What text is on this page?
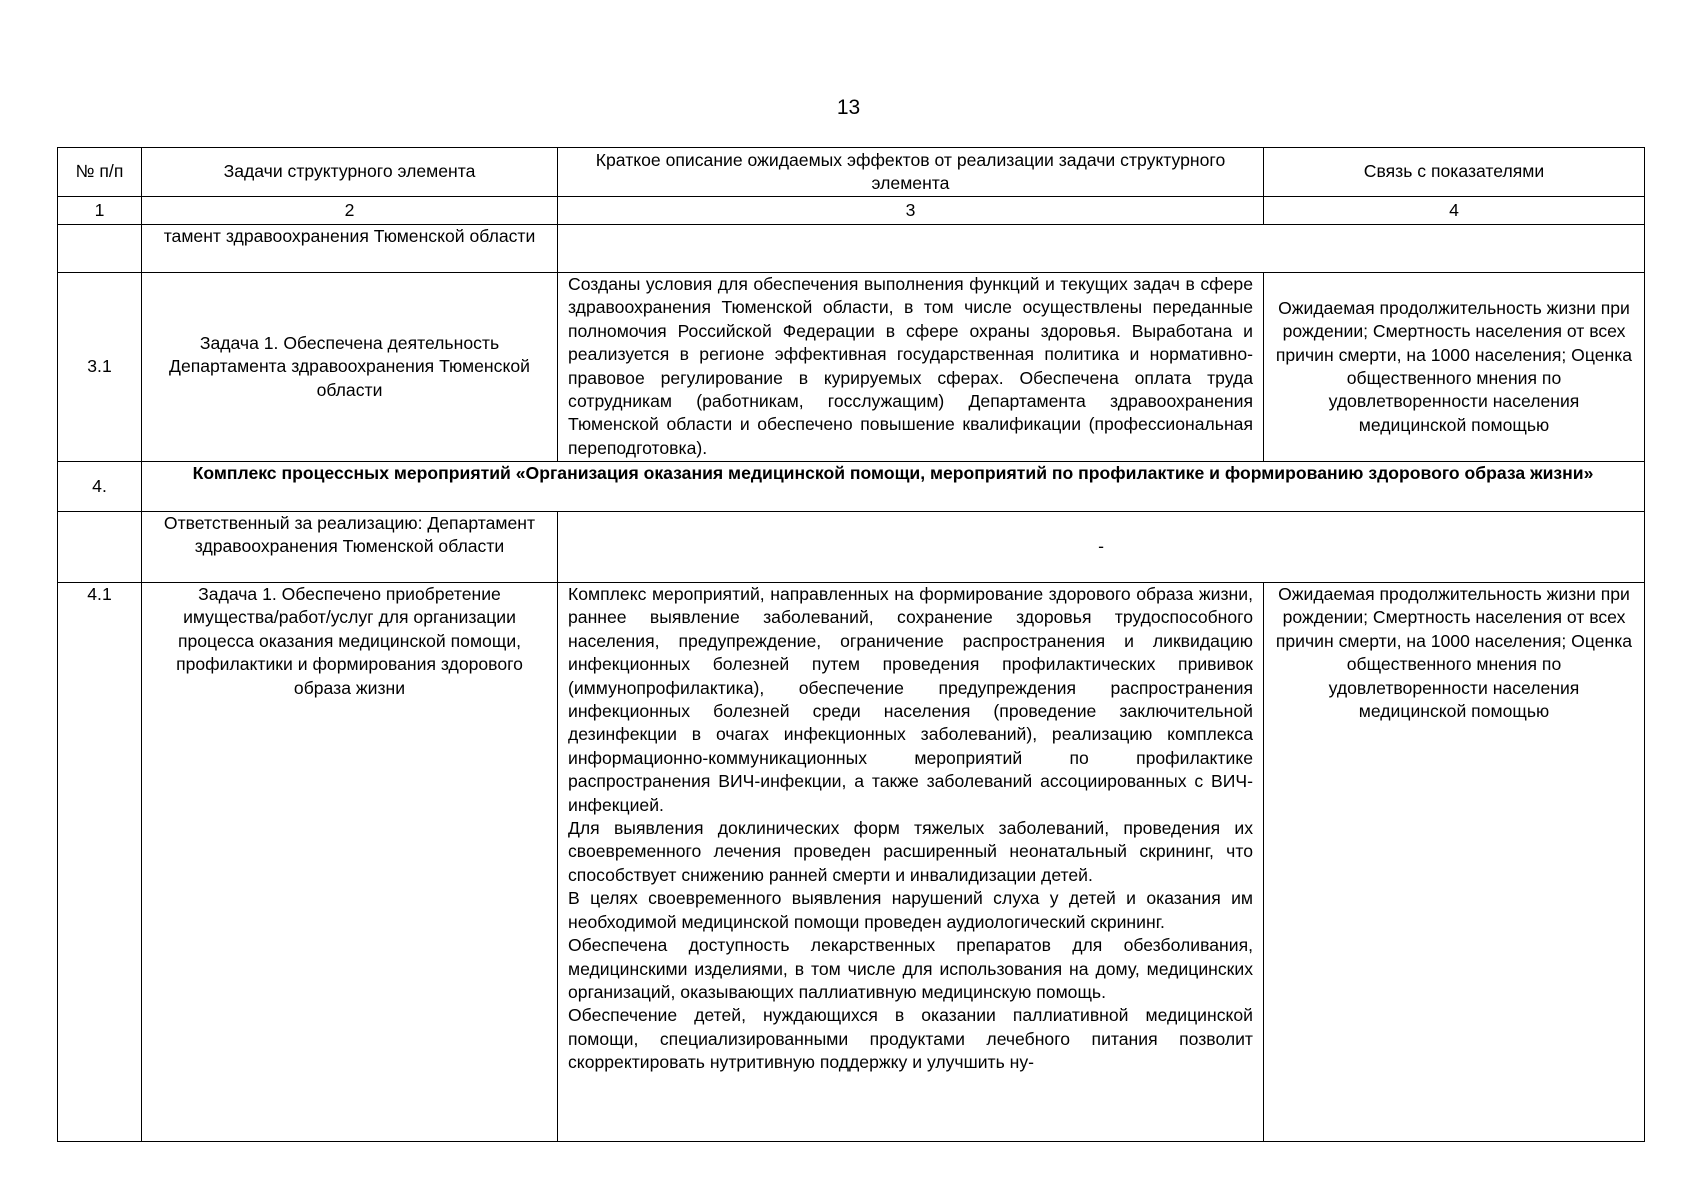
13
№ п/п	Задачи структурного элемента	Краткое описание ожидаемых эффектов от реализации задачи структурного элемента	Связь с показателями
1	2	3	4
	тамент здравоохранения Тюменской области		
3.1	Задача 1. Обеспечена деятельность Департамента здравоохранения Тюменской области	Созданы условия для обеспечения выполнения функций и текущих задач в сфере здравоохранения Тюменской области, в том числе осуществлены переданные полномочия Российской Федерации в сфере охраны здоровья. Выработана и реализуется в регионе эффективная государственная политика и нормативно-правовое регулирование в курируемых сферах. Обеспечена оплата труда сотрудникам (работникам, госслужащим) Департамента здравоохранения Тюменской области и обеспечено повышение квалификации (профессиональная переподготовка).	Ожидаемая продолжительность жизни при рождении; Смертность населения от всех причин смерти, на 1000 населения; Оценка общественного мнения по удовлетворенности населения медицинской помощью
4.	Комплекс процессных мероприятий «Организация оказания медицинской помощи, мероприятий по профилактике и формированию здорового образа жизни»		
	Ответственный за реализацию: Департамент здравоохранения Тюменской области	-	
4.1	Задача 1. Обеспечено приобретение имущества/работ/услуг для организации процесса оказания медицинской помощи, профилактики и формирования здорового образа жизни	Комплекс мероприятий, направленных на формирование здорового образа жизни, раннее выявление заболеваний, сохранение здоровья трудоспособного населения, предупреждение, ограничение распространения и ликвидацию инфекционных болезней путем проведения профилактических прививок (иммунопрофилактика), обеспечение предупреждения распространения инфекционных болезней среди населения (проведение заключительной дезинфекции в очагах инфекционных заболеваний), реализацию комплекса информационно-коммуникационных мероприятий по профилактике распространения ВИЧ-инфекции, а также заболеваний ассоциированных с ВИЧ-инфекцией.

Для выявления доклинических форм тяжелых заболеваний, проведения их своевременного лечения проведен расширенный неонатальный скрининг, что способствует снижению ранней смерти и инвалидизации детей.

В целях своевременного выявления нарушений слуха у детей и оказания им необходимой медицинской помощи проведен аудиологический скрининг.

Обеспечена доступность лекарственных препаратов для обезболивания, медицинскими изделиями, в том числе для использования на дому, медицинских организаций, оказывающих паллиативную медицинскую помощь.

Обеспечение детей, нуждающихся в оказании паллиативной медицинской помощи, специализированными продуктами лечебного питания позволит скорректировать нутритивную поддержку и улучшить ну-	Ожидаемая продолжительность жизни при рождении; Смертность населения от всех причин смерти, на 1000 населения; Оценка общественного мнения по удовлетворенности населения медицинской помощью
